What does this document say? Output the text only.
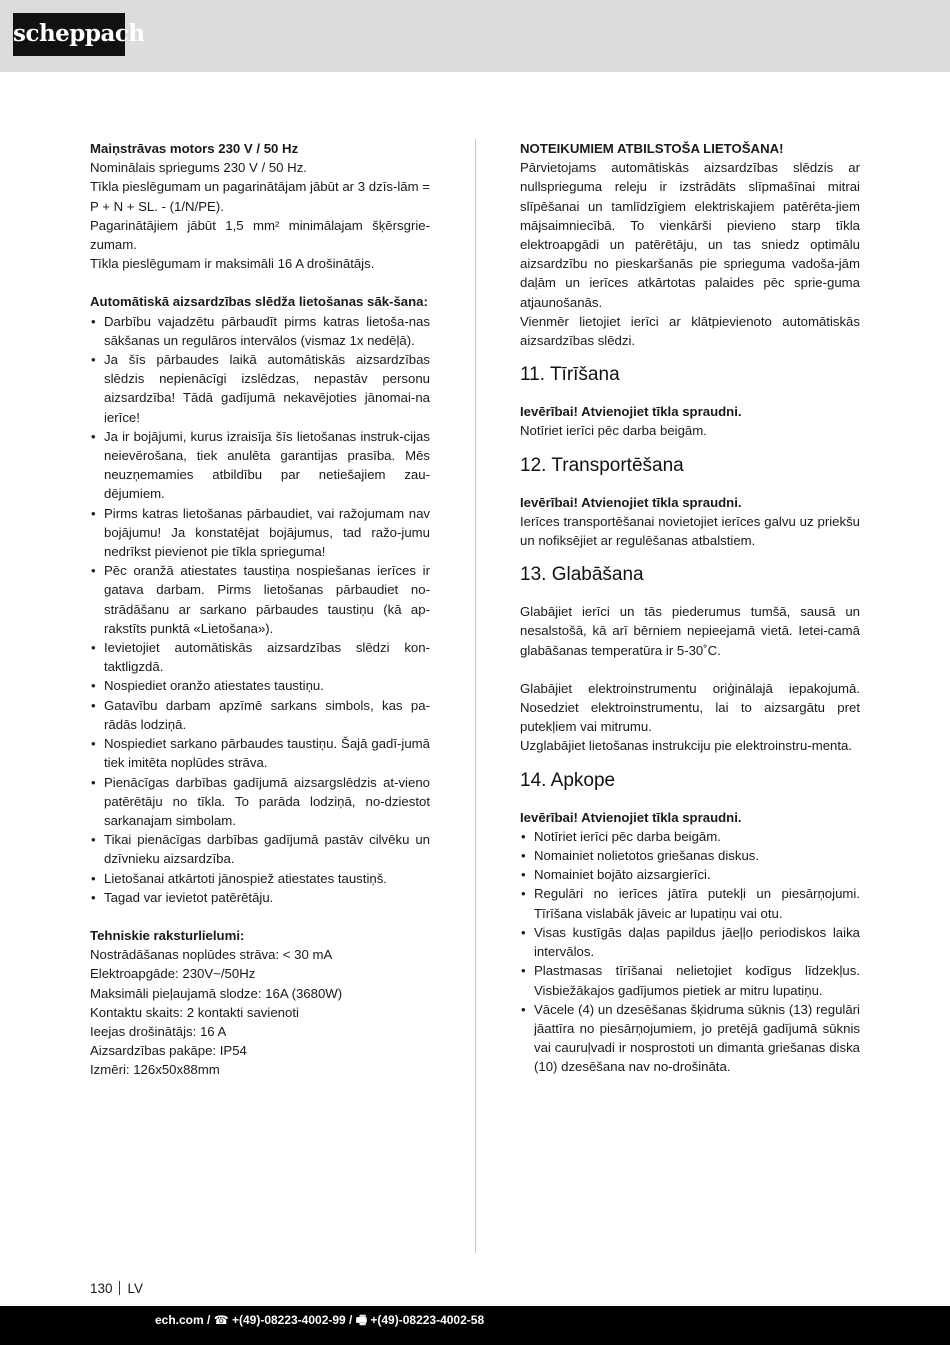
scheppach

Maiņstrāvas motors 230 V / 50 Hz

Nominālais spriegums 230 V / 50 Hz.

Tīkla pieslēgumam un pagarinātājam jābūt ar 3 dzīs-lām = P + N + SL. - (1/N/PE).

Pagarinātājiem jābūt 1,5 mm² minimālajam šķērsgrie-zumam.

Tīkla pieslēgumam ir maksimāli 16 A drošinātājs.

Automātiskā aizsardzības slēdža lietošanas sāk-šana:

• Darbību vajadzētu pārbaudīt pirms katras lietoša-nas sākšanas un regulāros intervālos (vismaz 1x nedēļā).
• Ja šīs pārbaudes laikā automātiskās aizsardzības slēdzis nepienācīgi izslēdzas, nepastāv personu aizsardzība! Tādā gadījumā nekavējoties jānomai-na ierīce!
• Ja ir bojājumi, kurus izraisīja šīs lietošanas instruk-cijas neievērošana, tiek anulēta garantijas prasība. Mēs neuzņemamies atbildību par netiešajiem zau-dējumiem.
• Pirms katras lietošanas pārbaudiet, vai ražojumam nav bojājumu! Ja konstatējat bojājumus, tad ražo-jumu nedrīkst pievienot pie tīkla sprieguma!
• Pēc oranžā atiestates taustiņa nospiešanas ierīces ir gatava darbam. Pirms lietošanas pārbaudiet no-strādāšanu ar sarkano pārbaudes taustiņu (kā ap-rakstīts punktā «Lietošana»).
• Ievietojiet automātiskās aizsardzības slēdzi kon-taktligzdā.
• Nospiediet oranžo atiestates taustiņu.
• Gatavību darbam apzīmē sarkans simbols, kas pa-rādās lodziņā.
• Nospiediet sarkano pārbaudes taustiņu. Šajā gadī-jumā tiek imitēta noplūdes strāva.
• Pienācīgas darbības gadījumā aizsargslēdzis at-vieno patērētāju no tīkla. To parāda lodziņā, no-dziestot sarkanajam simbolam.
• Tikai pienācīgas darbības gadījumā pastāv cilvēku un dzīvnieku aizsardzība.
• Lietošanai atkārtoti jānospiež atiestates taustiņš.
• Tagad var ievietot patērētāju.

Tehniskie raksturlielumi:

Nostrādāšanas noplūdes strāva: < 30 mA

Elektroapgāde: 230V~/50Hz

Maksimāli pieļaujamā slodze: 16A (3680W)

Kontaktu skaits: 2 kontakti savienoti

Ieejas drošinātājs: 16 A

Aizsardzības pakāpe: IP54

Izmēri: 126x50x88mm

NOTEIKUMIEM ATBILSTOŠA LIETOŠANA!

Pārvietojams automātiskās aizsardzības slēdzis ar nullsprieguma releju ir izstrādāts slīpmašīnai mitrai slīpēšanai un tamlīdzīgiem elektriskajiem patērēta-jiem mājsaimniecībā. To vienkārši pievieno starp tīkla elektroapgādi un patērētāju, un tas sniedz optimālu aizsardzību no pieskaršanās pie sprieguma vadoša-jām daļām un ierīces atkārtotas palaides pēc sprie-guma atjaunošanās.

Vienmēr lietojiet ierīci ar klātpievienoto automātiskās aizsardzības slēdzi.

11. Tīrīšana

Ievērībai! Atvienojiet tīkla spraudni.

Notīriet ierīci pēc darba beigām.

12. Transportēšana

Ievērībai! Atvienojiet tīkla spraudni.

Ierīces transportēšanai novietojiet ierīces galvu uz priekšu un nofiksējiet ar regulēšanas atbalstiem.

13. Glabāšana

Glabājiet ierīci un tās piederumus tumšā, sausā un nesalstošā, kā arī bērniem nepieejamā vietā. Ietei-camā glabāšanas temperatūra ir 5-30˚C.

Glabājiet elektroinstrumentu oriģinālajā iepakojumā. Nosedziet elektroinstrumentu, lai to aizsargātu pret putekļiem vai mitrumu.

Uzglabājiet lietošanas instrukciju pie elektroinstru-menta.

14. Apkope

Ievērībai! Atvienojiet tīkla spraudni.

• Notīriet ierīci pēc darba beigām.
• Nomainiet nolietotos griešanas diskus.
• Nomainiet bojāto aizsargierīci.
• Regulāri no ierīces jātīra putekļi un piesārņojumi. Tīrīšana vislabāk jāveic ar lupatiņu vai otu.
• Visas kustīgās daļas papildus jāeļļo periodiskos laika intervālos.
• Plastmasas tīrīšanai nelietojiet kodīgus līdzekļus. Visbiežākajos gadījumos pietiek ar mitru lupatiņu.
• Vācele (4) un dzesēšanas šķidruma sūknis (13) regulāri jāattīra no piesārņojumiem, jo pretējā gadījumā sūknis vai cauruļvadi ir nosprostoti un dimanta griešanas diska (10) dzesēšana nav no-drošināta.
130 LV
ech.com / ☎ +(49)-08223-4002-99 / 🖷 +(49)-08223-4002-58
